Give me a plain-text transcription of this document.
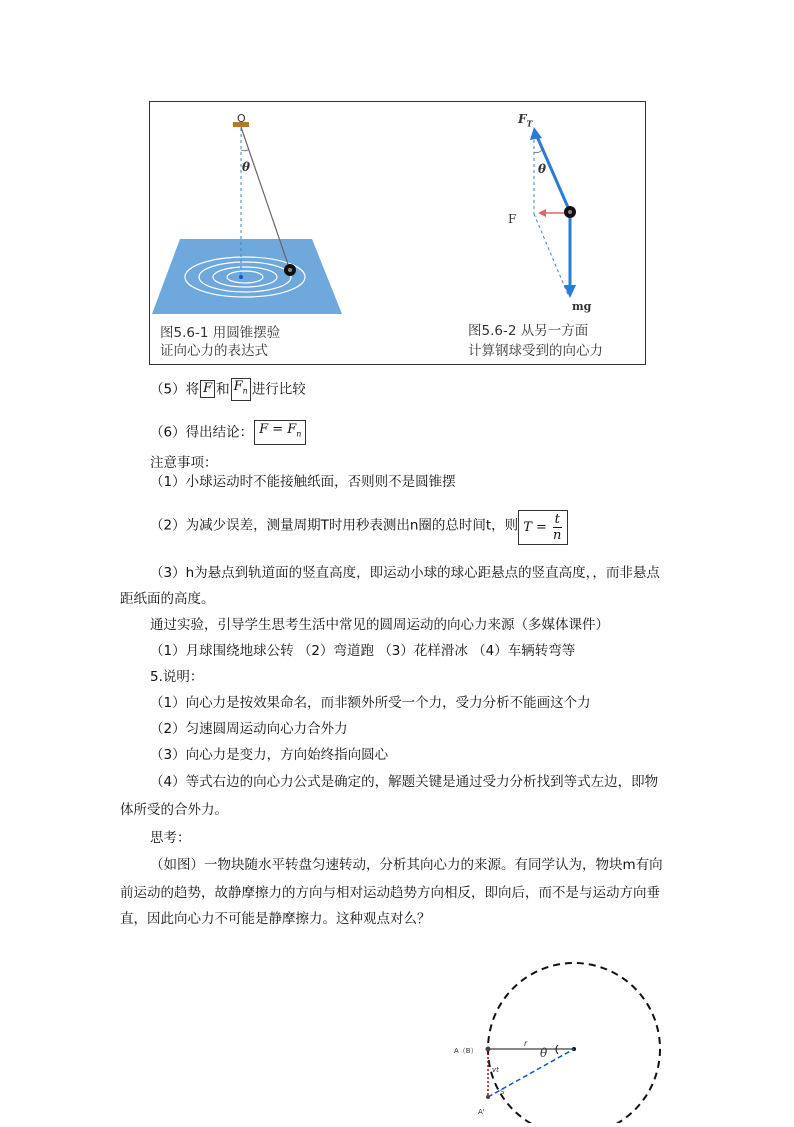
O
θ
$F_T$
θ
F
mg
图5.6-1 用圆锥摆验
证向心力的表达式
图5.6-2 从另一方面
计算钢球受到的向心力
（5）将 F 和 $F_n$ 进行比较
（6）得出结论： $F = F_n$
注意事项：
（1）小球运动时不能接触纸面，否则则不是圆锥摆
（2）为减少误差，测量周期T时用秒表测出n圈的总时间t，则 $T = \frac{t}{n}$
（3）h为悬点到轨道面的竖直高度，即运动小球的球心距悬点的竖直高度，，而非悬点
距纸面的高度。
通过实验，引导学生思考生活中常见的圆周运动的向心力来源（多媒体课件）
（1）月球围绕地球公转 （2）弯道跑 （3）花样滑冰 （4）车辆转弯等
5.说明：
（1）向心力是按效果命名，而非额外所受一个力，受力分析不能画这个力
（2）匀速圆周运动向心力合外力
（3）向心力是变力，方向始终指向圆心
（4）等式右边的向心力公式是确定的，解题关键是通过受力分析找到等式左边，即物
体所受的合外力。
思考：
（如图）一物块随水平转盘匀速转动，分析其向心力的来源。有同学认为，物块m有向
前运动的趋势，故静摩擦力的方向与相对运动趋势方向相反，即向后，而不是与运动方向垂
直，因此向心力不可能是静摩擦力。这种观点对么？
A（B）
r
θ
vt
A'
S
